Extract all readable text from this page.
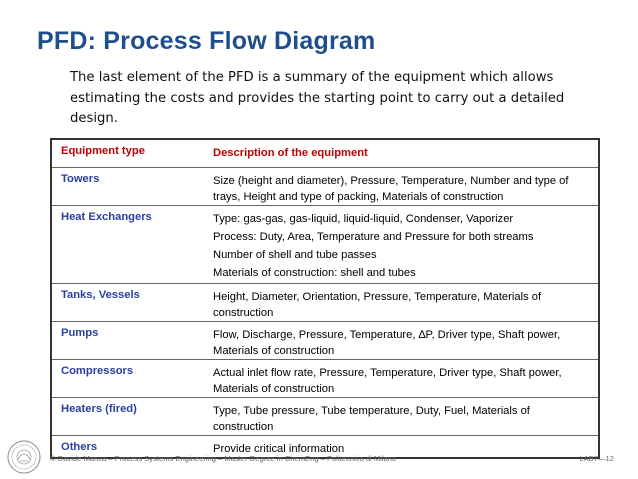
PFD: Process Flow Diagram
The last element of the PFD is a summary of the equipment which allows estimating the costs and provides the starting point to carry out a detailed design.
Equipment type	Description of the equipment
Towers	Size (height and diameter), Pressure, Temperature, Number and type of trays, Height and type of packing, Materials of construction
Heat Exchangers	Type: gas-gas, gas-liquid, liquid-liquid, Condenser, Vaporizer
Process: Duty, Area, Temperature and Pressure for both streams
Number of shell and tube passes
Materials of construction: shell and tubes

Tanks, Vessels	Height, Diameter, Orientation, Pressure, Temperature, Materials of construction
Pumps	Flow, Discharge, Pressure, Temperature, ∆P, Driver type, Shaft power, Materials of construction
Compressors	Actual inlet flow rate, Pressure, Temperature, Driver type, Shaft power, Materials of construction
Heaters (fired)	Type, Tube pressure, Tube temperature, Duty, Fuel, Materials of construction
Others	Provide critical information
© Davide Manca – Process Systems Engineering – Master Degree in ChemEng – Politecnico di Milano	LAB7—12
